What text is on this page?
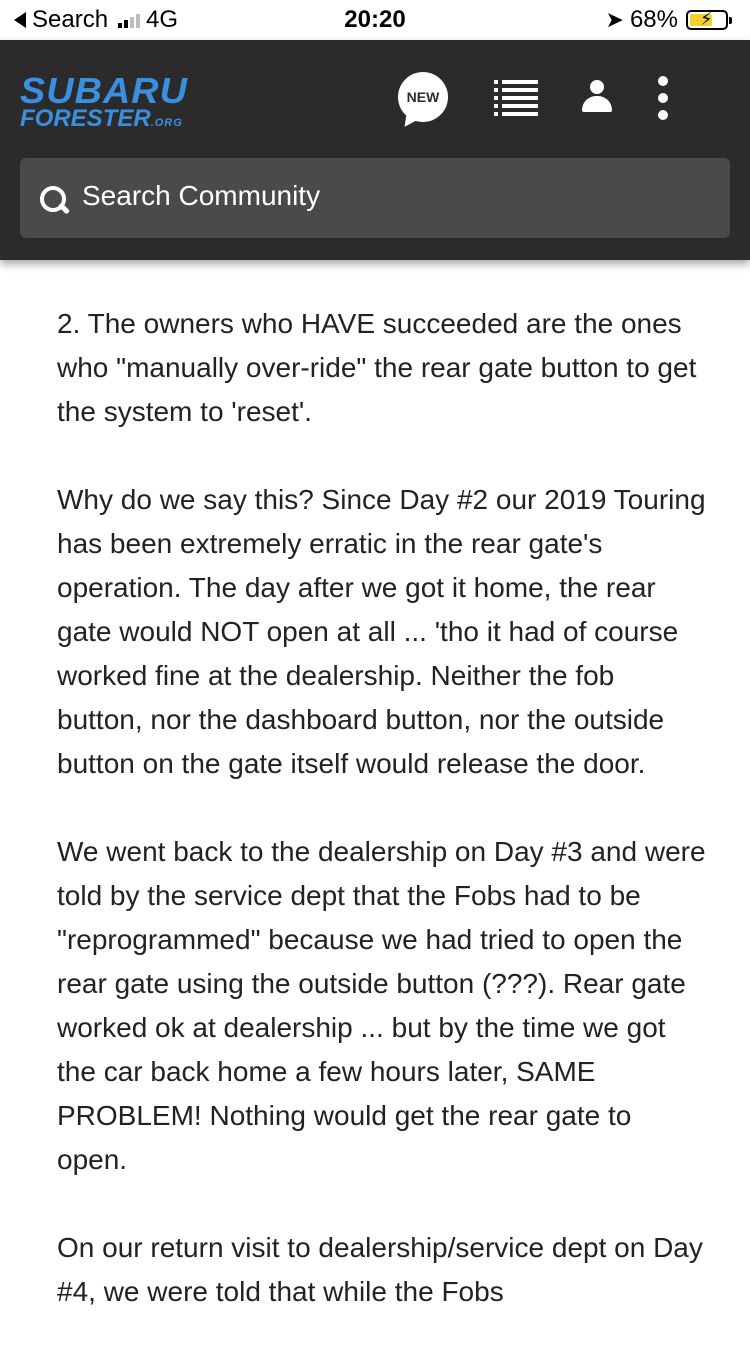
Search 4G	20:20	➤ 68% ⚡
SUBARU
FORESTER.ORG
NEW
Search Community

2. The owners who HAVE succeeded are the ones who "manually over-ride" the rear gate button to get the system to 'reset'.

Why do we say this? Since Day #2 our 2019 Touring has been extremely erratic in the rear gate's operation. The day after we got it home, the rear gate would NOT open at all ... 'tho it had of course worked fine at the dealership. Neither the fob button, nor the dashboard button, nor the outside button on the gate itself would release the door.

We went back to the dealership on Day #3 and were told by the service dept that the Fobs had to be "reprogrammed" because we had tried to open the rear gate using the outside button (???). Rear gate worked ok at dealership ... but by the time we got the car back home a few hours later, SAME PROBLEM! Nothing would get the rear gate to open.

On our return visit to dealership/service dept on Day #4, we were told that while the Fobs
